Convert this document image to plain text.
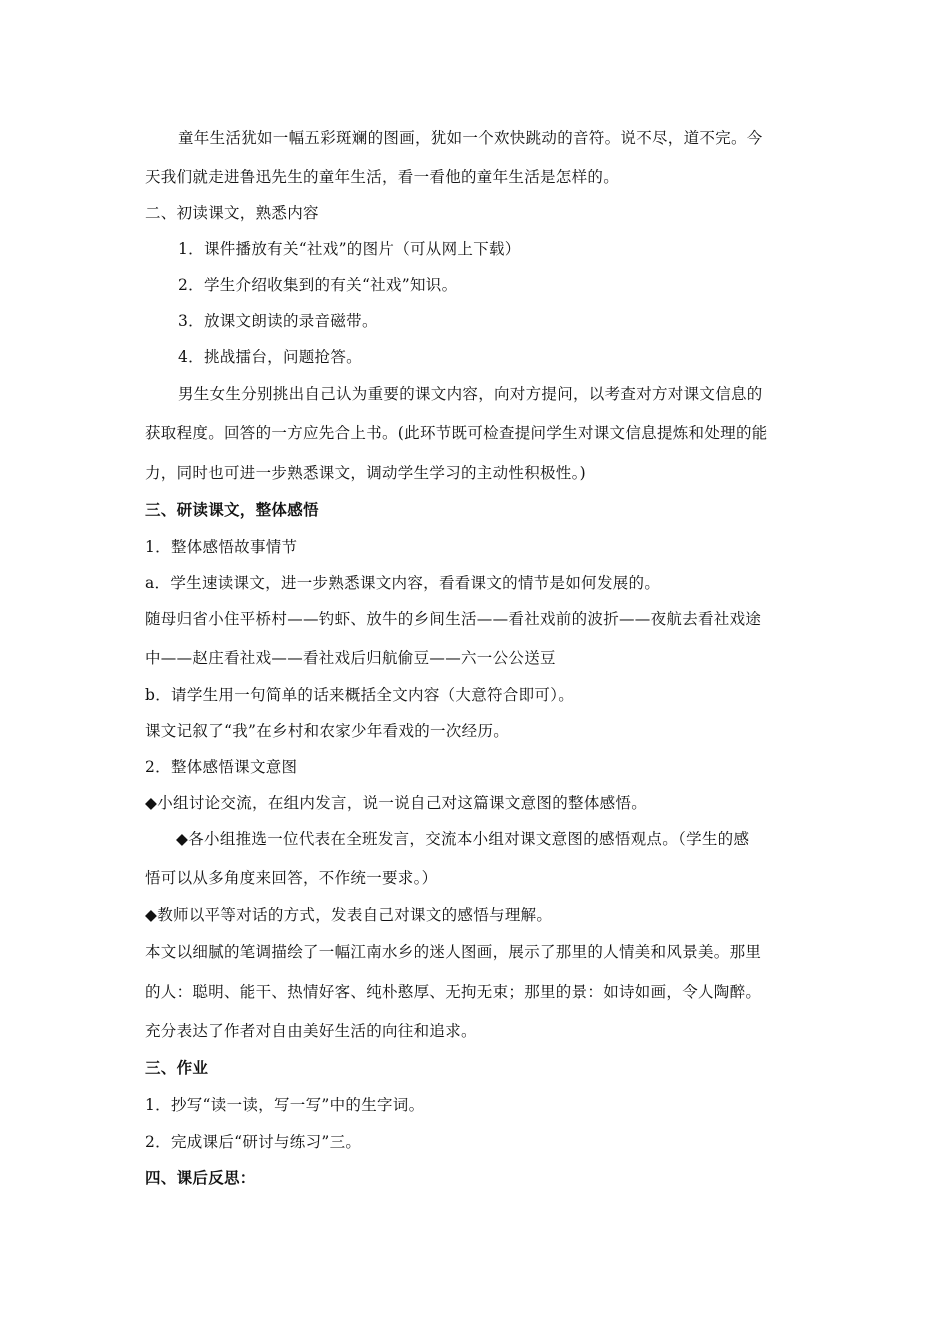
童年生活犹如一幅五彩斑斓的图画，犹如一个欢快跳动的音符。说不尽，道不完。今
天我们就走进鲁迅先生的童年生活，看一看他的童年生活是怎样的。
二、初读课文，熟悉内容
1．课件播放有关“社戏”的图片（可从网上下载）
2．学生介绍收集到的有关“社戏”知识。
3．放课文朗读的录音磁带。
4．挑战擂台，问题抢答。
男生女生分别挑出自己认为重要的课文内容，向对方提问，以考查对方对课文信息的
获取程度。回答的一方应先合上书。(此环节既可检查提问学生对课文信息提炼和处理的能
力，同时也可进一步熟悉课文，调动学生学习的主动性积极性。)
三、研读课文，整体感悟
1．整体感悟故事情节
a．学生速读课文，进一步熟悉课文内容，看看课文的情节是如何发展的。
随母归省小住平桥村——钓虾、放牛的乡间生活——看社戏前的波折——夜航去看社戏途
中——赵庄看社戏——看社戏后归航偷豆——六一公公送豆
b．请学生用一句简单的话来概括全文内容（大意符合即可）。
课文记叙了“我”在乡村和农家少年看戏的一次经历。
2．整体感悟课文意图
◆小组讨论交流，在组内发言，说一说自己对这篇课文意图的整体感悟。
◆各小组推选一位代表在全班发言，交流本小组对课文意图的感悟观点。（学生的感
悟可以从多角度来回答，不作统一要求。）
◆教师以平等对话的方式，发表自己对课文的感悟与理解。
本文以细腻的笔调描绘了一幅江南水乡的迷人图画，展示了那里的人情美和风景美。那里
的人：聪明、能干、热情好客、纯朴憨厚、无拘无束；那里的景：如诗如画，令人陶醉。
充分表达了作者对自由美好生活的向往和追求。
三、作业
1．抄写“读一读，写一写”中的生字词。
2．完成课后“研讨与练习”三。
四、课后反思：
